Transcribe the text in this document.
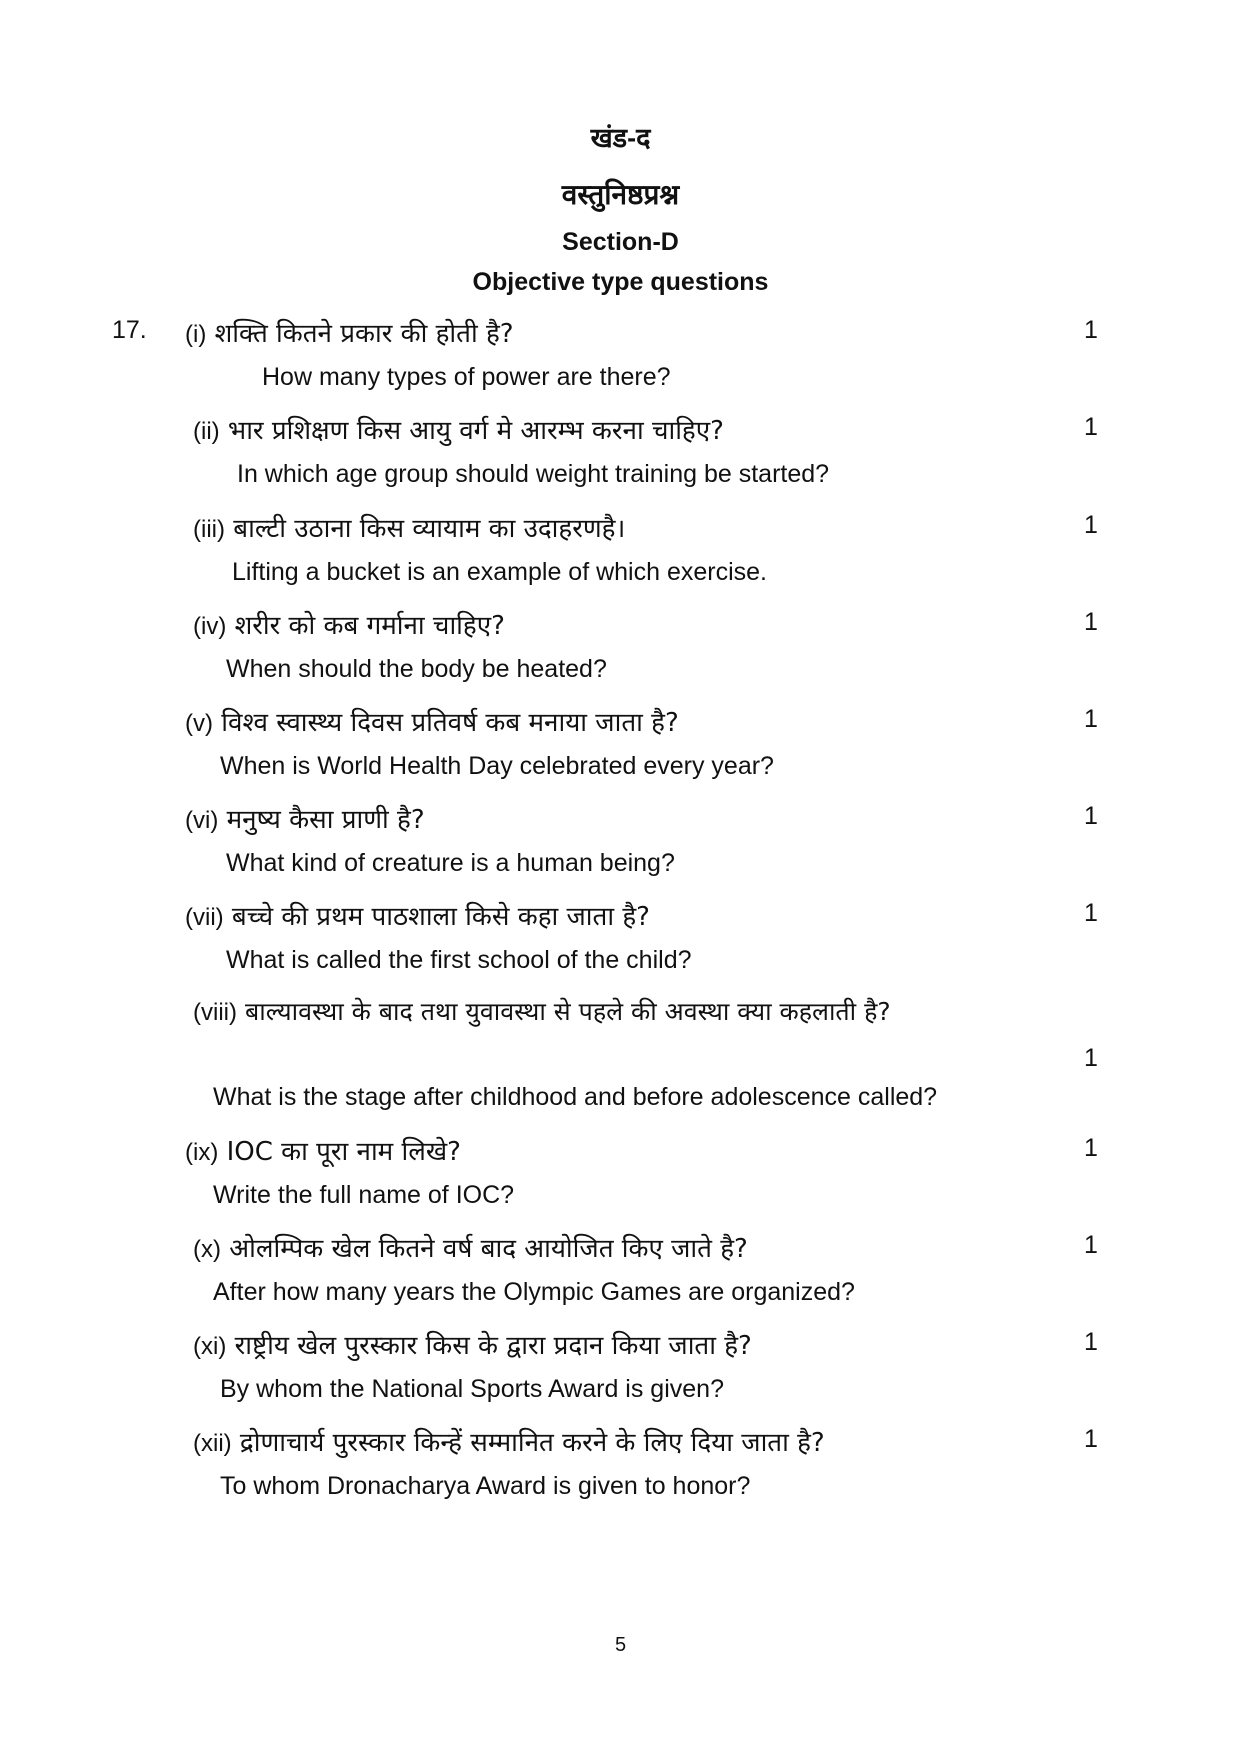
खंड-द
वस्तुनिष्ठप्रश्न
Section-D
Objective type questions
17. (i) शक्ति कितने प्रकार की होती है?	1
How many types of power are there?
(ii) भार प्रशिक्षण किस आयु वर्ग मे आरम्भ करना चाहिए?	1
In which age group should weight training be started?
(iii) बाल्टी उठाना किस व्यायाम का उदाहरणहै।	1
Lifting a bucket is an example of which exercise.
(iv) शरीर को कब गर्माना चाहिए?	1
When should the body be heated?
(v) विश्व स्वास्थ्य दिवस प्रतिवर्ष कब मनाया जाता है?	1
When is World Health Day celebrated every year?
(vi) मनुष्य कैसा प्राणी है?	1
What kind of creature is a human being?
(vii) बच्चे की प्रथम पाठशाला किसे कहा जाता है?	1
What is called the first school of the child?
(viii) बाल्यावस्था के बाद तथा युवावस्था से पहले की अवस्था क्या कहलाती है?
1
What is the stage after childhood and before adolescence called?
(ix) IOC का पूरा नाम लिखे?	1
Write the full name of IOC?
(x) ओलम्पिक खेल कितने वर्ष बाद आयोजित किए जाते है?	1
After how many years the Olympic Games are organized?
(xi) राष्ट्रीय खेल पुरस्कार किस के द्वारा प्रदान किया जाता है?	1
By whom the National Sports Award is given?
(xii) द्रोणाचार्य पुरस्कार किन्हें सम्मानित करने के लिए दिया जाता है?	1
To whom Dronacharya Award is given to honor?
5
